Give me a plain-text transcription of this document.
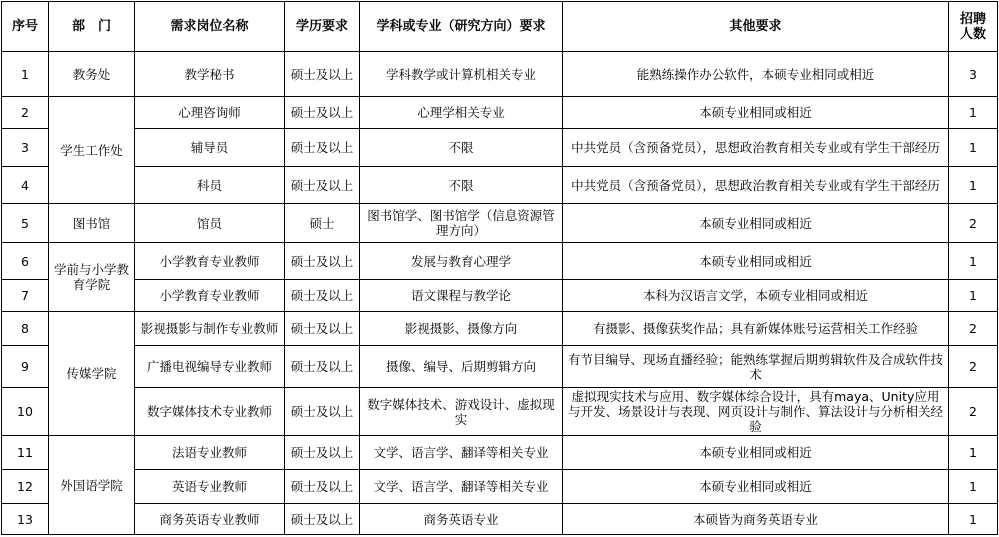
序号	部　门	需求岗位名称	学历要求	学科或专业（研究方向）要求	其他要求	招聘人数
1	教务处	教学秘书	硕士及以上	学科教学或计算机相关专业	能熟练操作办公软件，本硕专业相同或相近	3
2	学生工作处	心理咨询师	硕士及以上	心理学相关专业	本硕专业相同或相近	1
3		辅导员	硕士及以上	不限	中共党员（含预备党员），思想政治教育相关专业或有学生干部经历	1
4		科员	硕士及以上	不限	中共党员（含预备党员），思想政治教育相关专业或有学生干部经历	1
5	图书馆	馆员	硕士	图书馆学、图书馆学（信息资源管理方向）	本硕专业相同或相近	2
6	学前与小学教育学院	小学教育专业教师	硕士及以上	发展与教育心理学	本硕专业相同或相近	1
7		小学教育专业教师	硕士及以上	语文课程与教学论	本科为汉语言文学，本硕专业相同或相近	1
8	传媒学院	影视摄影与制作专业教师	硕士及以上	影视摄影、摄像方向	有摄影、摄像获奖作品；具有新媒体账号运营相关工作经验	2
9		广播电视编导专业教师	硕士及以上	摄像、编导、后期剪辑方向	有节目编导、现场直播经验；能熟练掌握后期剪辑软件及合成软件技术	2
10		数字媒体技术专业教师	硕士及以上	数字媒体技术、游戏设计、虚拟现实	虚拟现实技术与应用、数字媒体综合设计，具有maya、Unity应用与开发、场景设计与表现、网页设计与制作、算法设计与分析相关经验	2
11	外国语学院	法语专业教师	硕士及以上	文学、语言学、翻译等相关专业	本硕专业相同或相近	1
12		英语专业教师	硕士及以上	文学、语言学、翻译等相关专业	本硕专业相同或相近	1
13		商务英语专业教师	硕士及以上	商务英语专业	本硕皆为商务英语专业	1
